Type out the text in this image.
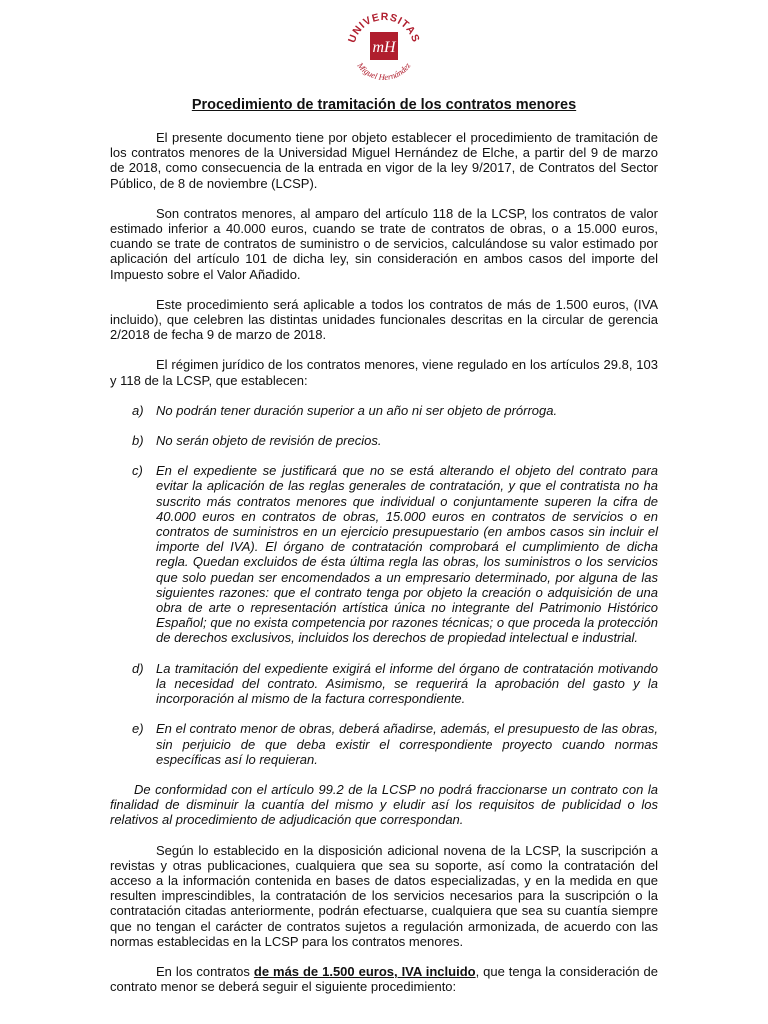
UNIVERSITAS
Miguel Hernández
mH
Procedimiento de tramitación de los contratos menores

El presente documento tiene por objeto establecer el procedimiento de tramitación de los contratos menores de la Universidad Miguel Hernández de Elche, a partir del 9 de marzo de 2018, como consecuencia de la entrada en vigor de la ley 9/2017, de Contratos del Sector Público, de 8 de noviembre (LCSP).

Son contratos menores, al amparo del artículo 118 de la LCSP, los contratos de valor estimado inferior a 40.000 euros, cuando se trate de contratos de obras, o a 15.000 euros, cuando se trate de contratos de suministro o de servicios, calculándose su valor estimado por aplicación del artículo 101 de dicha ley, sin consideración en ambos casos del importe del Impuesto sobre el Valor Añadido.

Este procedimiento será aplicable a todos los contratos de más de 1.500 euros, (IVA incluido), que celebren las distintas unidades funcionales descritas en la circular de gerencia 2/2018 de fecha 9 de marzo de 2018.

El régimen jurídico de los contratos menores, viene regulado en los artículos 29.8, 103 y 118 de la LCSP, que establecen:

a) No podrán tener duración superior a un año ni ser objeto de prórroga.
b) No serán objeto de revisión de precios.
c) En el expediente se justificará que no se está alterando el objeto del contrato para evitar la aplicación de las reglas generales de contratación, y que el contratista no ha suscrito más contratos menores que individual o conjuntamente superen la cifra de 40.000 euros en contratos de obras, 15.000 euros en contratos de servicios o en contratos de suministros en un ejercicio presupuestario (en ambos casos sin incluir el importe del IVA). El órgano de contratación comprobará el cumplimiento de dicha regla. Quedan excluidos de ésta última regla las obras, los suministros o los servicios que solo puedan ser encomendados a un empresario determinado, por alguna de las siguientes razones: que el contrato tenga por objeto la creación o adquisición de una obra de arte o representación artística única no integrante del Patrimonio Histórico Español; que no exista competencia por razones técnicas; o que proceda la protección de derechos exclusivos, incluidos los derechos de propiedad intelectual e industrial.
d) La tramitación del expediente exigirá el informe del órgano de contratación motivando la necesidad del contrato. Asimismo, se requerirá la aprobación del gasto y la incorporación al mismo de la factura correspondiente.
e) En el contrato menor de obras, deberá añadirse, además, el presupuesto de las obras, sin perjuicio de que deba existir el correspondiente proyecto cuando normas específicas así lo requieran.

De conformidad con el artículo 99.2 de la LCSP no podrá fraccionarse un contrato con la finalidad de disminuir la cuantía del mismo y eludir así los requisitos de publicidad o los relativos al procedimiento de adjudicación que correspondan.

Según lo establecido en la disposición adicional novena de la LCSP, la suscripción a revistas y otras publicaciones, cualquiera que sea su soporte, así como la contratación del acceso a la información contenida en bases de datos especializadas, y en la medida en que resulten imprescindibles, la contratación de los servicios necesarios para la suscripción o la contratación citadas anteriormente, podrán efectuarse, cualquiera que sea su cuantía siempre que no tengan el carácter de contratos sujetos a regulación armonizada, de acuerdo con las normas establecidas en la LCSP para los contratos menores.

En los contratos de más de 1.500 euros, IVA incluido, que tenga la consideración de contrato menor se deberá seguir el siguiente procedimiento:
